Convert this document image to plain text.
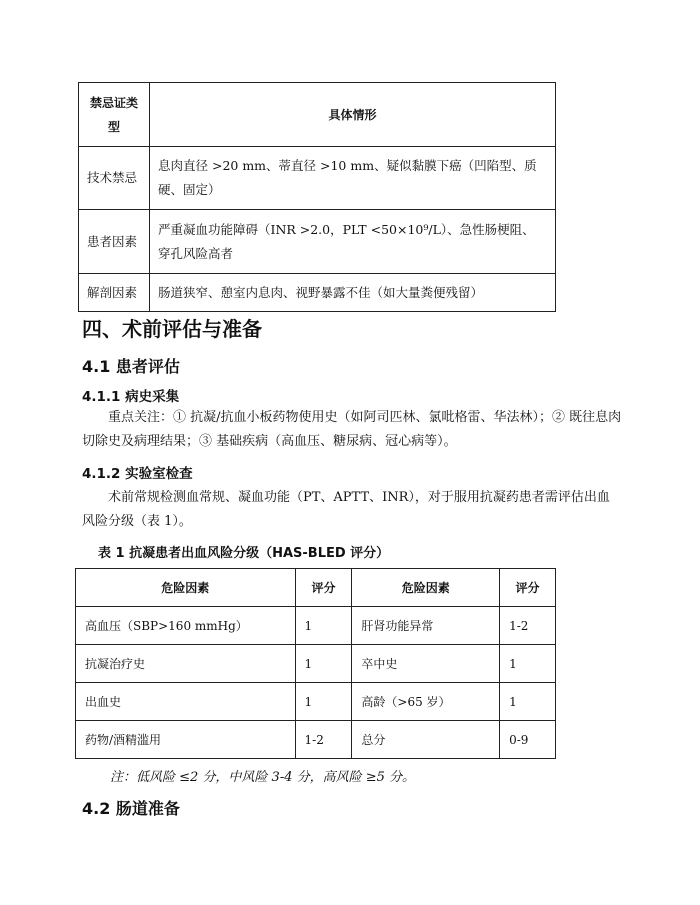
禁忌证类型	具体情形
技术禁忌	息肉直径 >20 mm、蒂直径 >10 mm、疑似黏膜下癌（凹陷型、质硬、固定）
患者因素	严重凝血功能障碍（INR >2.0，PLT <50×10⁹/L）、急性肠梗阻、穿孔风险高者
解剖因素	肠道狭窄、憩室内息肉、视野暴露不佳（如大量粪便残留）
四、术前评估与准备
4.1 患者评估
4.1.1 病史采集
重点关注：① 抗凝/抗血小板药物使用史（如阿司匹林、氯吡格雷、华法林）；② 既往息肉切除史及病理结果；③ 基础疾病（高血压、糖尿病、冠心病等）。
4.1.2 实验室检查
术前常规检测血常规、凝血功能（PT、APTT、INR），对于服用抗凝药患者需评估出血风险分级（表 1）。
表 1 抗凝患者出血风险分级（HAS-BLED 评分）
危险因素	评分	危险因素	评分
高血压（SBP>160 mmHg）	1	肝肾功能异常	1-2
抗凝治疗史	1	卒中史	1
出血史	1	高龄（>65 岁）	1
药物/酒精滥用	1-2	总分	0-9
注：低风险 ≤2 分，中风险 3-4 分，高风险 ≥5 分。
4.2 肠道准备
